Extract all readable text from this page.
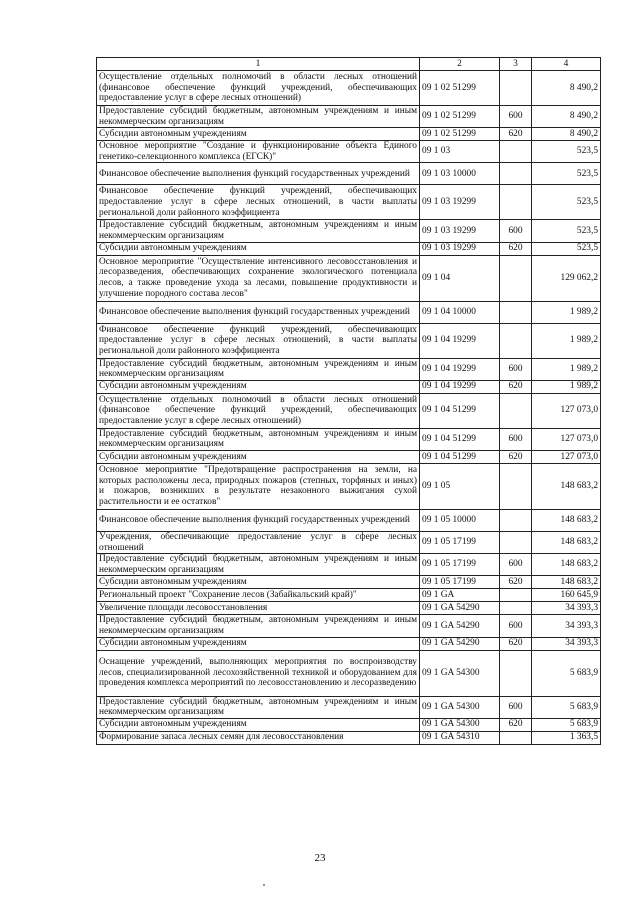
1	2	3	4
Осуществление отдельных полномочий в области лесных отношений (финансовое обеспечение функций учреждений, обеспечивающих предоставление услуг в сфере лесных отношений)	09 1 02 51299		8 490,2
Предоставление субсидий бюджетным, автономным учреждениям и иным некоммерческим организациям	09 1 02 51299	600	8 490,2
Субсидии автономным учреждениям	09 1 02 51299	620	8 490,2
Основное мероприятие "Создание и функционирование объекта Единого генетико-селекционного комплекса (ЕГСК)"	09 1 03		523,5
Финансовое обеспечение выполнения функций государственных учреждений	09 1 03 10000		523,5
Финансовое обеспечение функций учреждений, обеспечивающих предоставление услуг в сфере лесных отношений, в части выплаты региональной доли районного коэффициента	09 1 03 19299		523,5
Предоставление субсидий бюджетным, автономным учреждениям и иным некоммерческим организациям	09 1 03 19299	600	523,5
Субсидии автономным учреждениям	09 1 03 19299	620	523,5
Основное мероприятие "Осуществление интенсивного лесовосстановления и лесоразведения, обеспечивающих сохранение экологического потенциала лесов, а также проведение ухода за лесами, повышение продуктивности и улучшение породного состава лесов"	09 1 04		129 062,2
Финансовое обеспечение выполнения функций государственных учреждений	09 1 04 10000		1 989,2
Финансовое обеспечение функций учреждений, обеспечивающих предоставление услуг в сфере лесных отношений, в части выплаты региональной доли районного коэффициента	09 1 04 19299		1 989,2
Предоставление субсидий бюджетным, автономным учреждениям и иным некоммерческим организациям	09 1 04 19299	600	1 989,2
Субсидии автономным учреждениям	09 1 04 19299	620	1 989,2
Осуществление отдельных полномочий в области лесных отношений (финансовое обеспечение функций учреждений, обеспечивающих предоставление услуг в сфере лесных отношений)	09 1 04 51299		127 073,0
Предоставление субсидий бюджетным, автономным учреждениям и иным некоммерческим организациям	09 1 04 51299	600	127 073,0
Субсидии автономным учреждениям	09 1 04 51299	620	127 073,0
Основное мероприятие "Предотвращение распространения на земли, на которых расположены леса, природных пожаров (степных, торфяных и иных) и пожаров, возникших в результате незаконного выжигания сухой растительности и ее остатков"	09 1 05		148 683,2
Финансовое обеспечение выполнения функций государственных учреждений	09 1 05 10000		148 683,2
Учреждения, обеспечивающие предоставление услуг в сфере лесных отношений	09 1 05 17199		148 683,2
Предоставление субсидий бюджетным, автономным учреждениям и иным некоммерческим организациям	09 1 05 17199	600	148 683,2
Субсидии автономным учреждениям	09 1 05 17199	620	148 683,2
Региональный проект "Сохранение лесов (Забайкальский край)"	09 1 GA		160 645,9
Увеличение площади лесовосстановления	09 1 GA 54290		34 393,3
Предоставление субсидий бюджетным, автономным учреждениям и иным некоммерческим организациям	09 1 GA 54290	600	34 393,3
Субсидии автономным учреждениям	09 1 GA 54290	620	34 393,3
Оснащение учреждений, выполняющих мероприятия по воспроизводству лесов, специализированной лесохозяйственной техникой и оборудованием для проведения комплекса мероприятий по лесовосстановлению и лесоразведению	09 1 GA 54300		5 683,9
Предоставление субсидий бюджетным, автономным учреждениям и иным некоммерческим организациям	09 1 GA 54300	600	5 683,9
Субсидии автономным учреждениям	09 1 GA 54300	620	5 683,9
Формирование запаса лесных семян для лесовосстановления	09 1 GA 54310		1 363,5
23
